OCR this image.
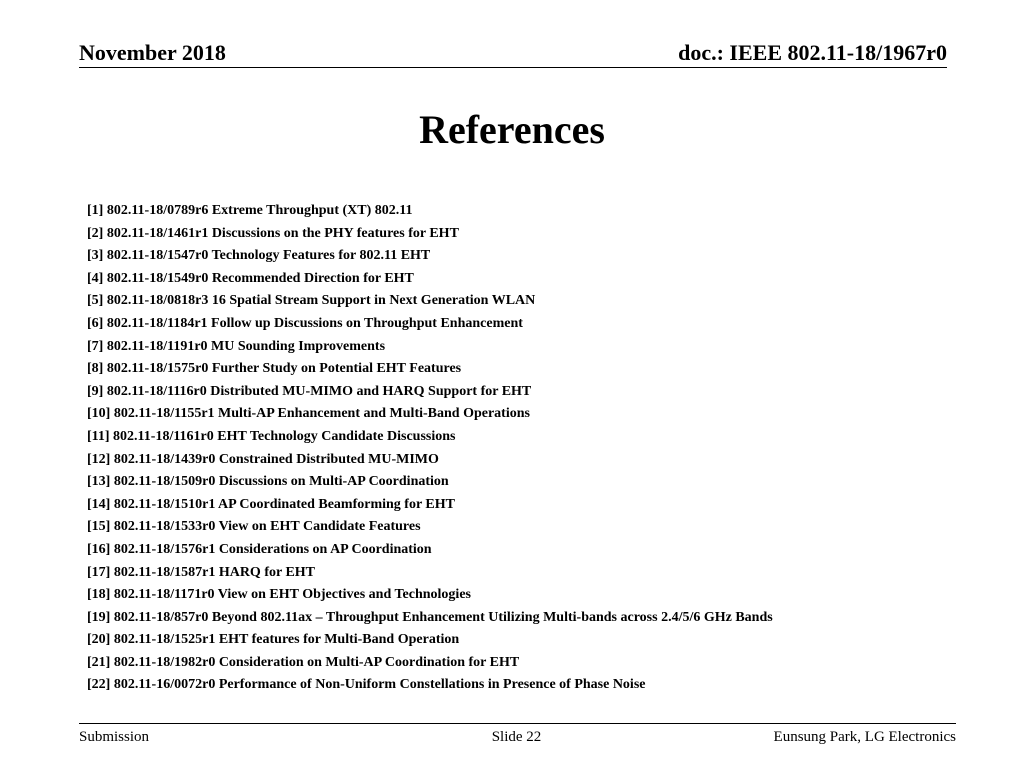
November 2018	doc.: IEEE 802.11-18/1967r0
References
[1] 802.11-18/0789r6 Extreme Throughput (XT) 802.11
[2] 802.11-18/1461r1 Discussions on the PHY features for EHT
[3] 802.11-18/1547r0 Technology Features for 802.11 EHT
[4] 802.11-18/1549r0 Recommended Direction for EHT
[5] 802.11-18/0818r3 16 Spatial Stream Support in Next Generation WLAN
[6] 802.11-18/1184r1 Follow up Discussions on Throughput Enhancement
[7] 802.11-18/1191r0 MU Sounding Improvements
[8] 802.11-18/1575r0 Further Study on Potential EHT Features
[9] 802.11-18/1116r0 Distributed MU-MIMO and HARQ Support for EHT
[10] 802.11-18/1155r1 Multi-AP Enhancement and Multi-Band Operations
[11] 802.11-18/1161r0 EHT Technology Candidate Discussions
[12] 802.11-18/1439r0 Constrained Distributed MU-MIMO
[13] 802.11-18/1509r0 Discussions on Multi-AP Coordination
[14] 802.11-18/1510r1 AP Coordinated Beamforming for EHT
[15] 802.11-18/1533r0 View on EHT Candidate Features
[16] 802.11-18/1576r1 Considerations on AP Coordination
[17] 802.11-18/1587r1 HARQ for EHT
[18] 802.11-18/1171r0 View on EHT Objectives and Technologies
[19] 802.11-18/857r0 Beyond 802.11ax – Throughput Enhancement Utilizing Multi-bands across 2.4/5/6 GHz Bands
[20] 802.11-18/1525r1 EHT features for Multi-Band Operation
[21] 802.11-18/1982r0 Consideration on Multi-AP Coordination for EHT
[22] 802.11-16/0072r0 Performance of Non-Uniform Constellations in Presence of Phase Noise
Submission	Slide 22	Eunsung Park, LG Electronics
